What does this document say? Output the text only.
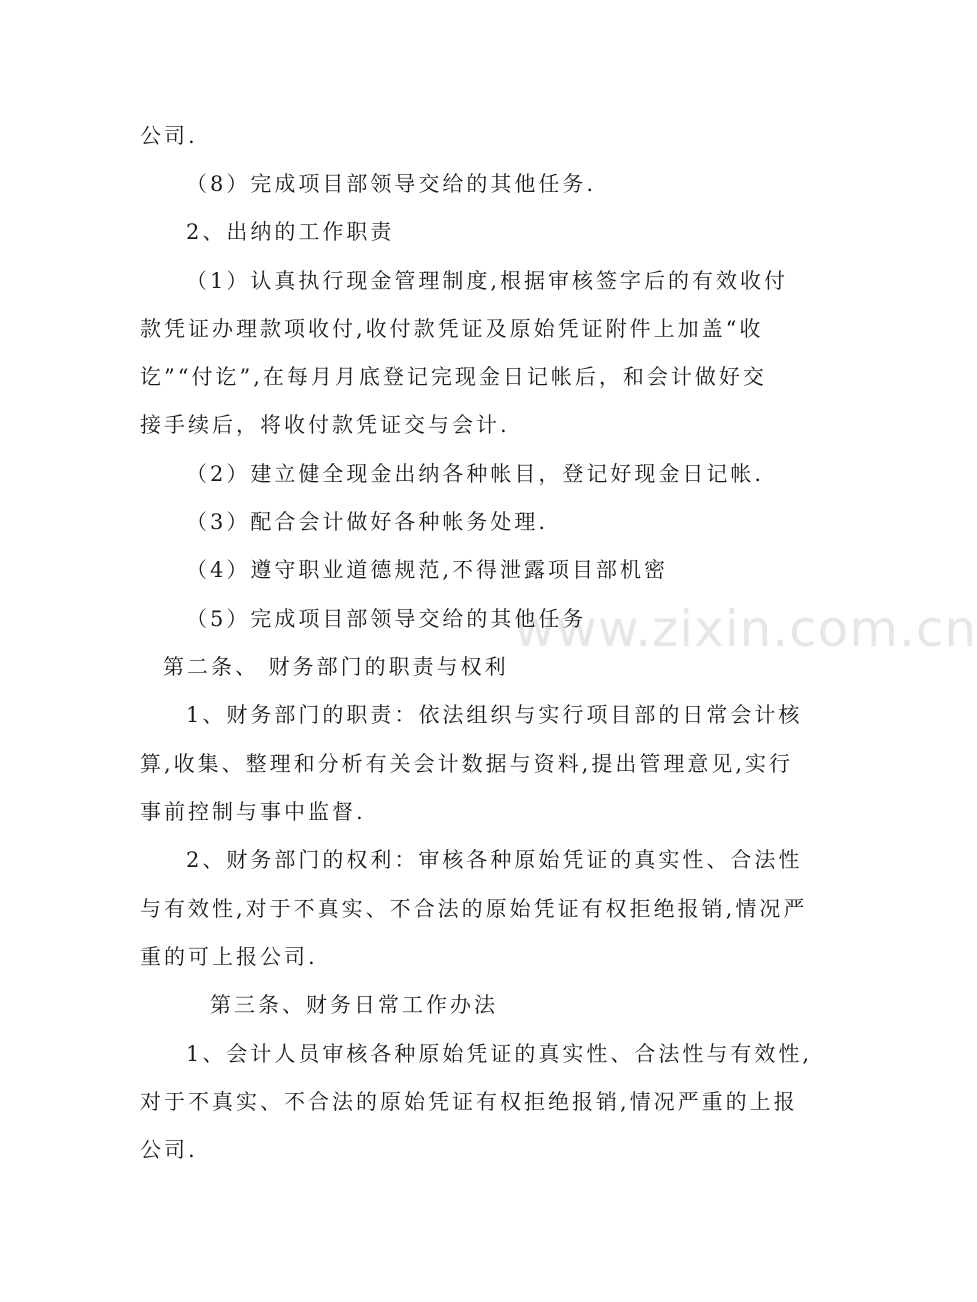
www.zixin.com.cn
公司.
（8）完成项目部领导交给的其他任务.
2、出纳的工作职责
（1）认真执行现金管理制度,根据审核签字后的有效收付
款凭证办理款项收付,收付款凭证及原始凭证附件上加盖“收
讫”“付讫”,在每月月底登记完现金日记帐后，和会计做好交
接手续后，将收付款凭证交与会计.
（2）建立健全现金出纳各种帐目，登记好现金日记帐.
（3）配合会计做好各种帐务处理.
（4）遵守职业道德规范,不得泄露项目部机密
（5）完成项目部领导交给的其他任务
第二条、 财务部门的职责与权利
1、财务部门的职责：依法组织与实行项目部的日常会计核
算,收集、整理和分析有关会计数据与资料,提出管理意见,实行
事前控制与事中监督.
2、财务部门的权利：审核各种原始凭证的真实性、合法性
与有效性,对于不真实、不合法的原始凭证有权拒绝报销,情况严
重的可上报公司.
第三条、财务日常工作办法
1、会计人员审核各种原始凭证的真实性、合法性与有效性,
对于不真实、不合法的原始凭证有权拒绝报销,情况严重的上报
公司.
